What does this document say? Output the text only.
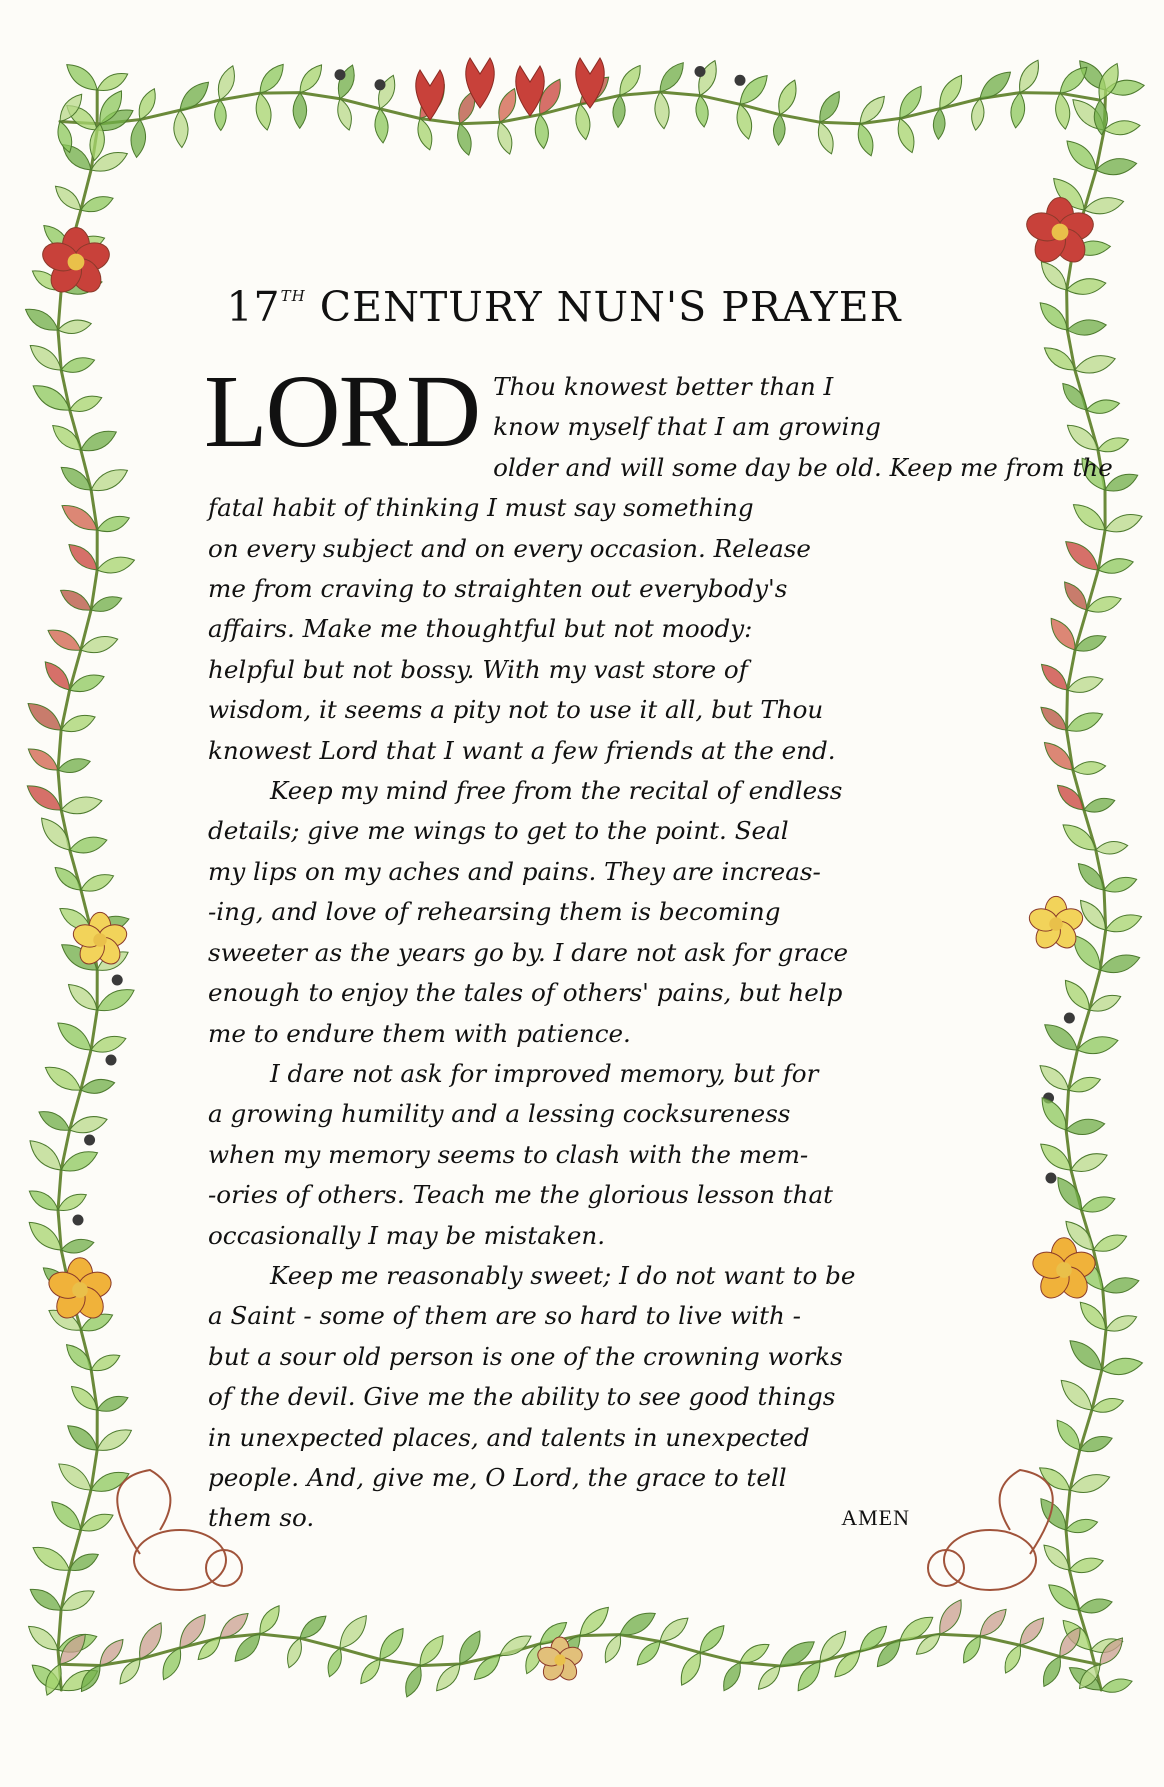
17th CENTURY NUN'S PRAYER
LORD Thou knowest better than I
know myself that I am growing
older and will some day be old. Keep me from the
fatal habit of thinking I must say something
on every subject and on every occasion. Release
me from craving to straighten out everybody's
affairs. Make me thoughtful but not moody:
helpful but not bossy. With my vast store of
wisdom, it seems a pity not to use it all, but Thou
knowest Lord that I want a few friends at the end.
Keep my mind free from the recital of endless
details; give me wings to get to the point. Seal
my lips on my aches and pains. They are increas-
-ing, and love of rehearsing them is becoming
sweeter as the years go by. I dare not ask for grace
enough to enjoy the tales of others' pains, but help
me to endure them with patience.
I dare not ask for improved memory, but for
a growing humility and a lessing cocksureness
when my memory seems to clash with the mem-
-ories of others. Teach me the glorious lesson that
occasionally I may be mistaken.
Keep me reasonably sweet; I do not want to be
a Saint - some of them are so hard to live with -
but a sour old person is one of the crowning works
of the devil. Give me the ability to see good things
in unexpected places, and talents in unexpected
people. And, give me, O Lord, the grace to tell
them so.	AMEN
